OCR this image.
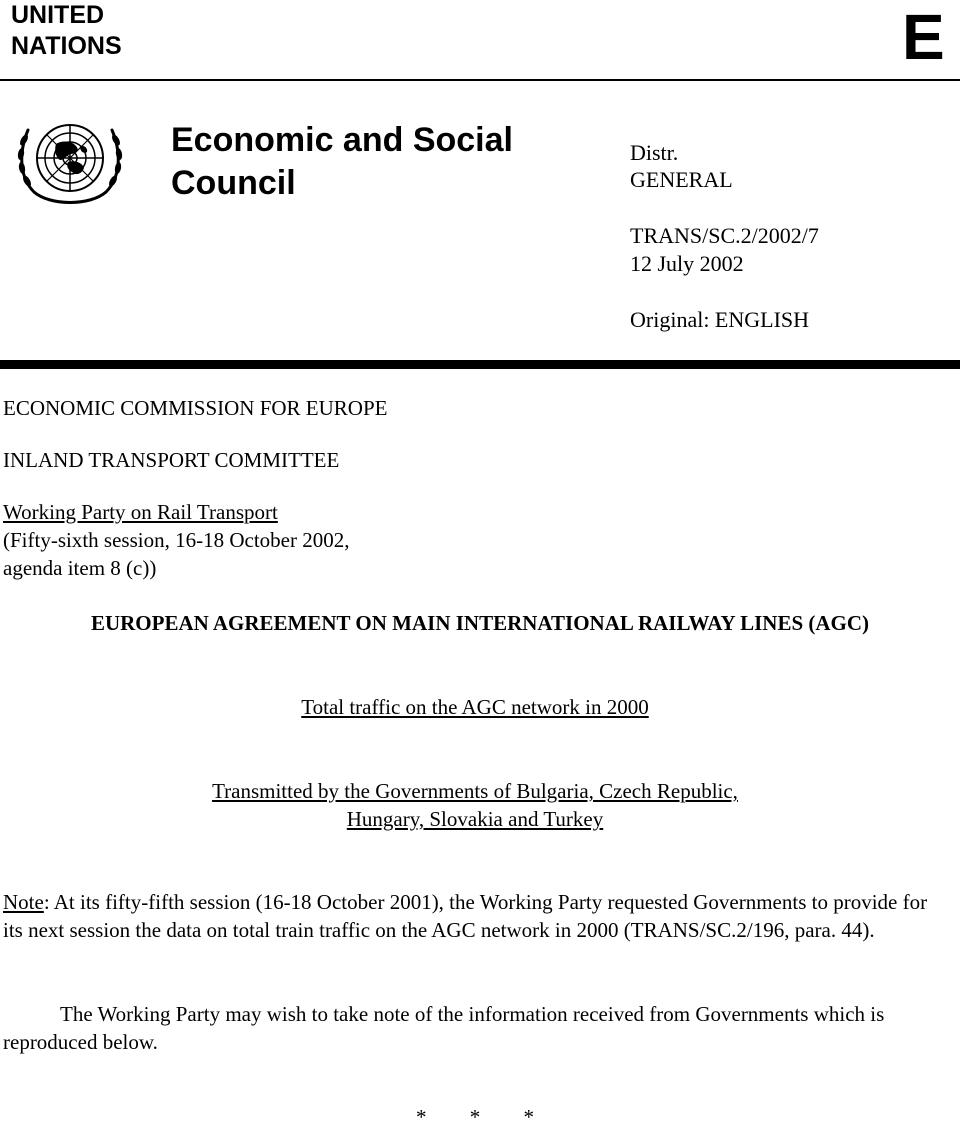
UNITED
NATIONS	E
Economic and Social
Council
Distr.
GENERAL
TRANS/SC.2/2002/7
12 July 2002
Original: ENGLISH
ECONOMIC COMMISSION FOR EUROPE
INLAND TRANSPORT COMMITTEE
Working Party on Rail Transport
(Fifty-sixth session, 16-18 October 2002,
agenda item 8 (c))
EUROPEAN AGREEMENT ON MAIN INTERNATIONAL RAILWAY LINES (AGC)
Total traffic on the AGC network in 2000
Transmitted by the Governments of Bulgaria, Czech Republic,
Hungary, Slovakia and Turkey
Note: At its fifty-fifth session (16-18 October 2001), the Working Party requested Governments to provide for its next session the data on total train traffic on the AGC network in 2000 (TRANS/SC.2/196, para. 44).
The Working Party may wish to take note of the information received from Governments which is reproduced below.
* * *
